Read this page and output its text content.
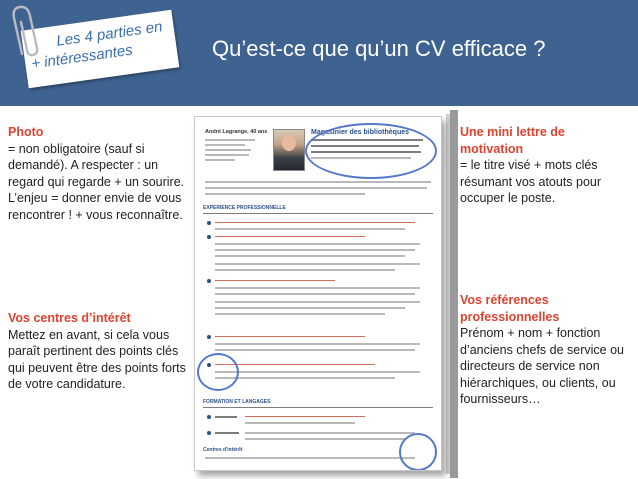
Les 4 parties en
+ intéressantes	Qu’est-ce que qu’un CV efficace ?
Photo

= non obligatoire (sauf si demandé). A respecter : un regard qui regarde + un sourire. L’enjeu = donner envie de vous rencontrer ! + vous reconnaître.

Vos centres d’intérêt

Mettez en avant, si cela vous paraît pertinent des points clés qui peuvent être des points forts de votre candidature.

Une mini lettre de motivation

= le titre visé + mots clés résumant vos atouts pour occuper le poste.

Vos références professionnelles

Prénom + nom + fonction d’anciens chefs de service ou directeurs de service non hiérarchiques, ou clients, ou fournisseurs…

André Lagrange, 40 ans	Magasinier des bibliothèques
EXPERIENCE PROFESSIONNELLE
FORMATION ET LANGAGES
Centres d'intérêt
